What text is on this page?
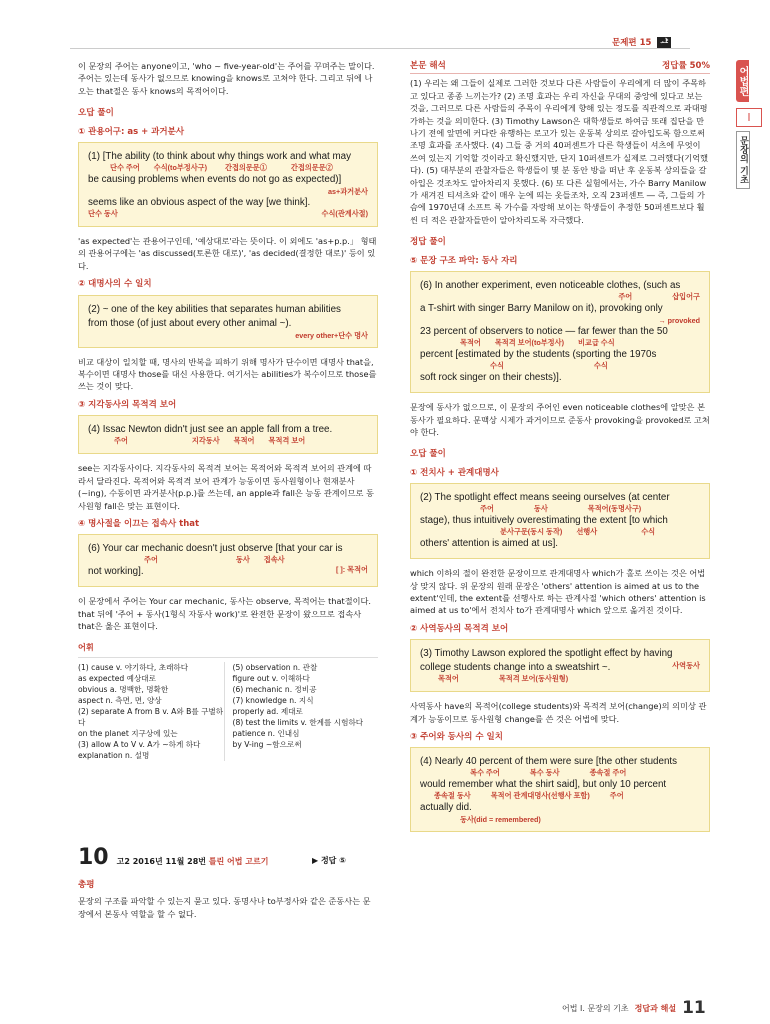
문제편 15 ᅸ
어법편
I
문장의 기초

이 문장의 주어는 anyone이고, 'who ~ five-year-old'는 주어를 꾸며주는 말이다. 주어는 있는데 동사가 없으므로 knowing을 knows로 고쳐야 한다. 그리고 뒤에 나오는 that절은 동사 knows의 목적어이다.

오답 풀이
① 관용어구: as + 과거분사
(1) [The ability (to think about why things work and what may
단수 주어 수식(to부정사구)	간접의문문①	간접의문문②
be causing problems when events do not go as expected)]
as+과거분사
seems like an obvious aspect of the way [we think].
단수 동사	수식(관계사절)

'as expected'는 관용어구인데, '예상대로'라는 뜻이다. 이 외에도 'as+p.p.」 형태의 관용어구에는 'as discussed(토론한 대로)', 'as decided(결정한 대로)' 등이 있다.

② 대명사의 수 일치
(2) ~ one of the key abilities that separates human abilities
from those (of just about every other animal ~).
every other+단수 명사

비교 대상이 일치할 때, 명사의 반복을 피하기 위해 명사가 단수이면 대명사 that을, 복수이면 대명사 those를 대신 사용한다. 여기서는 abilities가 복수이므로 those를 쓰는 것이 맞다.

③ 지각동사의 목적격 보어
(4) Issac Newton didn't just see an apple fall from a tree.
주어	지각동사 목적어 목적격 보어

see는 지각동사이다. 지각동사의 목적격 보어는 목적어와 목적격 보어의 관계에 따라서 달라진다. 목적어와 목적격 보어 관계가 능동이면 동사원형이나 현재분사(~ing), 수동이면 과거분사(p.p.)를 쓰는데, an apple과 fall은 능동 관계이므로 동사원형 fall은 맞는 표현이다.

④ 명사절을 이끄는 접속사 that
(6) Your car mechanic doesn't just observe [that your car is
주어	동사 접속사
not working].	[ ]: 목적어

이 문장에서 주어는 Your car mechanic, 동사는 observe, 목적어는 that절이다. that 뒤에 '주어 + 동사(1형식 자동사 work)'로 완전한 문장이 왔으므로 접속사 that은 옳은 표현이다.

어휘
(1) cause v. 야기하다, 초래하다
as expected 예상대로
obvious a. 명백한, 명확한
aspect n. 측면, 면, 양상
(2) separate A from B v. A와 B를 구별하다
on the planet 지구상에 있는
(3) allow A to V v. A가 ~하게 하다
explanation n. 설명
(5) observation n. 관찰
figure out v. 이해하다
(6) mechanic n. 정비공
(7) knowledge n. 지식
properly ad. 제대로
(8) test the limits v. 한계를 시험하다
patience n. 인내심
by V-ing ~함으로써
10 고2 2016년 11월 28번 틀린 어법 고르기	▶ 정답 ⑤
총평

문장의 구조를 파악할 수 있는지 묻고 있다. 동명사나 to부정사와 같은 준동사는 문장에서 본동사 역할을 할 수 없다.

본문 해석	정답률 50%

(1) 우리는 왜 그들이 실제로 그러한 것보다 다른 사람들이 우리에게 더 많이 주목하고 있다고 종종 느끼는가? (2) 조명 효과는 우리 자신을 무대의 중앙에 있다고 보는 것을, 그러므로 다른 사람들의 주목이 우리에게 향해 있는 정도를 직관적으로 과대평가하는 것을 의미한다. (3) Timothy Lawson은 대학생들로 하여금 또래 집단을 만나기 전에 앞면에 커다란 유행하는 로고가 있는 운동복 상의로 갈아입도록 함으로써 조명 효과를 조사했다. (4) 그들 중 거의 40퍼센트가 다른 학생들이 셔츠에 무엇이 쓰여 있는지 기억할 것이라고 확신했지만, 단지 10퍼센트가 실제로 그러했다(기억했다). (5) 대부분의 관찰자들은 학생들이 몇 분 동안 방을 떠난 후 운동복 상의들을 갈아입은 것조차도 알아차리지 못했다. (6) 또 다른 실험에서는, 가수 Barry Manilow가 새겨진 티셔츠와 같이 매우 눈에 띄는 옷들조차, 오직 23퍼센트 ― 즉, 그들의 가슴에 1970년대 소프트 록 가수를 자랑해 보이는 학생들이 추정한 50퍼센트보다 훨씬 더 적은 관찰자들만이 알아차리도록 자극했다.

정답 풀이
⑤ 문장 구조 파악: 동사 자리
(6) In another experiment, even noticeable clothes, (such as
주어	삽입어구
a T-shirt with singer Barry Manilow on it), provoking only
→ provoked
23 percent of observers to notice — far fewer than the 50
목적어 목적격 보어(to부정사) 비교급 수식
percent [estimated by the students (sporting the 1970s
수식	수식
soft rock singer on their chests)].

문장에 동사가 없으므로, 이 문장의 주어인 even noticeable clothes에 알맞은 본동사가 필요하다. 문맥상 시제가 과거이므로 준동사 provoking을 provoked로 고쳐야 한다.

오답 풀이
① 전치사 + 관계대명사
(2) The spotlight effect means seeing ourselves (at center
주어	동사	목적어(동명사구)
stage), thus intuitively overestimating the extent [to which
분사구문(동시 동작) 선행사	수식
others' attention is aimed at us].

which 이하의 절이 완전한 문장이므로 관계대명사 which가 홀로 쓰이는 것은 어법상 맞지 않다. 위 문장의 원래 문장은 'others' attention is aimed at us to the extent'인데, the extent를 선행사로 하는 관계사절 'which others' attention is aimed at us to'에서 전치사 to가 관계대명사 which 앞으로 옮겨진 것이다.

② 사역동사의 목적격 보어
(3) Timothy Lawson explored the spotlight effect by having
college students change into a sweatshirt ~.	사역동사
목적어	목적격 보어(동사원형)

사역동사 have의 목적어(college students)와 목적격 보어(change)의 의미상 관계가 능동이므로 동사원형 change를 쓴 것은 어법에 맞다.

③ 주어와 동사의 수 일치
(4) Nearly 40 percent of them were sure [the other students
복수 주어	복수 동사	종속절 주어
would remember what the shirt said], but only 10 percent
종속절 동사	목적어 관계대명사(선행사 포함)	주어
actually did.
동사(did = remembered)
어법 I. 문장의 기초 정답과 해설 11
